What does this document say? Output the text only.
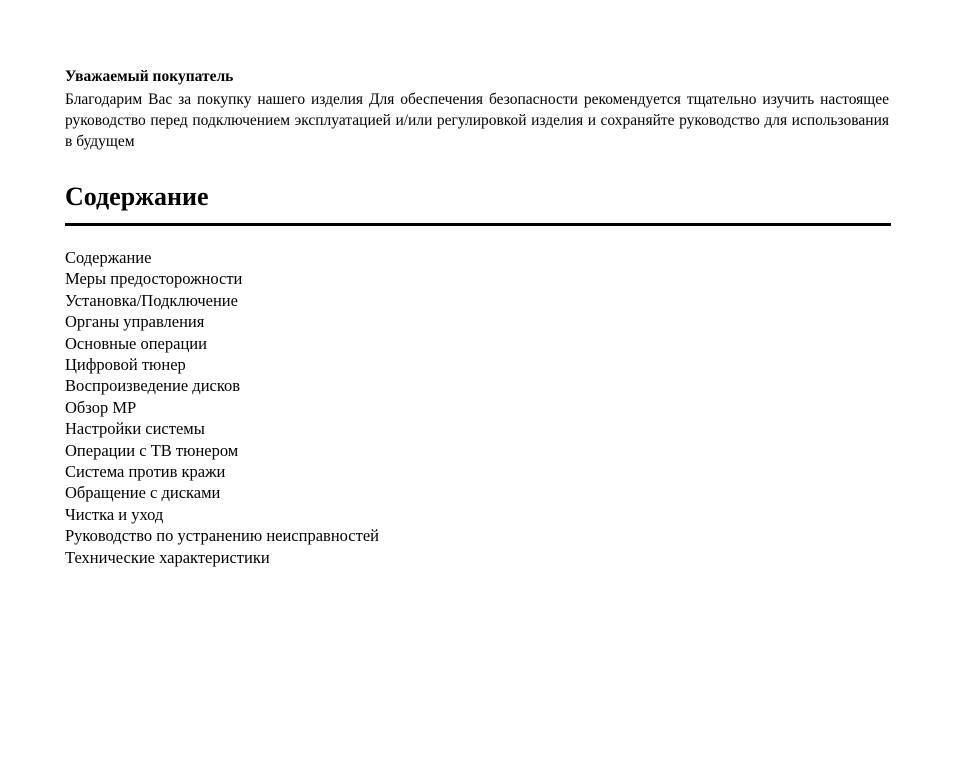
Уважаемый покупатель

Благодарим Вас за покупку нашего изделия Для обеспечения безопасности рекомендуется тщательно изучить настоящее руководство перед подключением эксплуатацией и/или регулировкой изделия и сохраняйте руководство для использования в будущем

Содержание
Содержание
Меры предосторожности
Установка/Подключение
Органы управления
Основные операции
Цифровой тюнер
Воспроизведение дисков
Обзор МР
Настройки системы
Операции с ТВ тюнером
Система против кражи
Обращение с дисками
Чистка и уход
Руководство по устранению неисправностей
Технические характеристики
